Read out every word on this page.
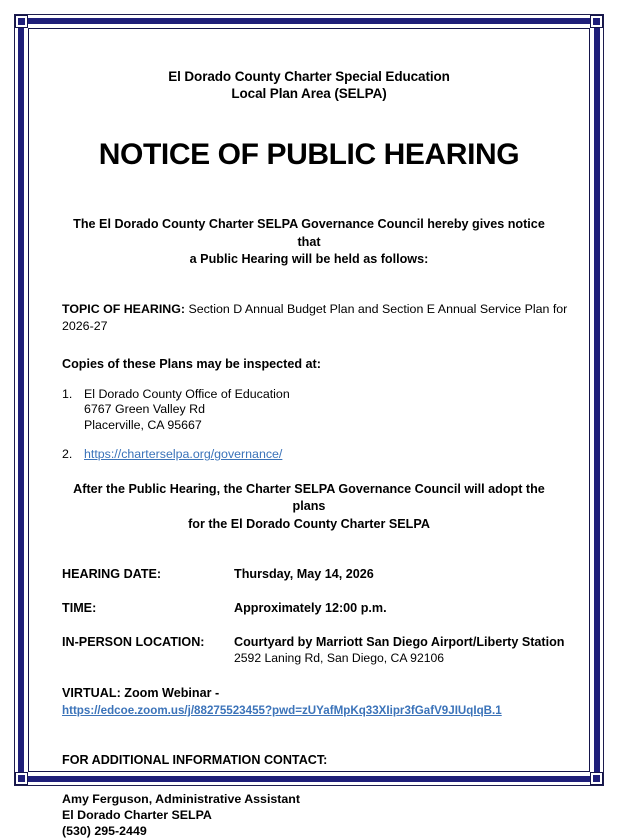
El Dorado County Charter Special Education
Local Plan Area (SELPA)
NOTICE OF PUBLIC HEARING
The El Dorado County Charter SELPA Governance Council hereby gives notice that
a Public Hearing will be held as follows:

TOPIC OF HEARING: Section D Annual Budget Plan and Section E Annual Service Plan for 2026-27

Copies of these Plans may be inspected at:
1. El Dorado County Office of Education
6767 Green Valley Rd
Placerville, CA 95667
2. https://charterselpa.org/governance/
After the Public Hearing, the Charter SELPA Governance Council will adopt the plans
for the El Dorado County Charter SELPA
HEARING DATE:	Thursday, May 14, 2026
TIME:	Approximately 12:00 p.m.
IN-PERSON LOCATION:	Courtyard by Marriott San Diego Airport/Liberty Station
2592 Laning Rd, San Diego, CA 92106
VIRTUAL: Zoom Webinar -
https://edcoe.zoom.us/j/88275523455?pwd=zUYafMpKq33XIipr3fGafV9JIUqIqB.1
FOR ADDITIONAL INFORMATION CONTACT:
Amy Ferguson, Administrative Assistant
El Dorado Charter SELPA
(530) 295-2449
